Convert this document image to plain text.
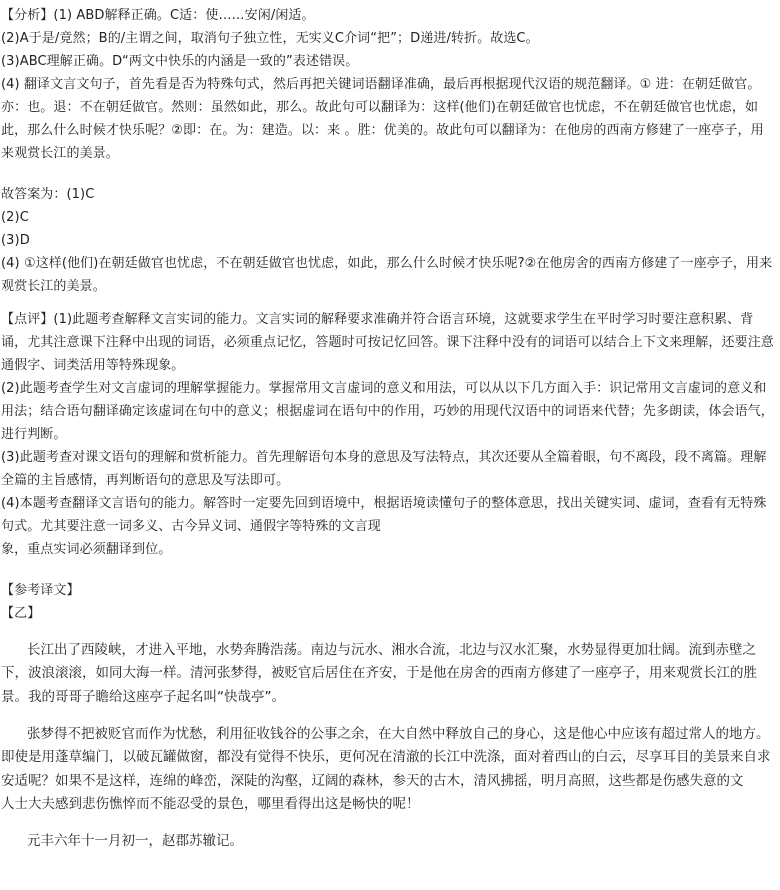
【分析】(1) ABD解释正确。C适：使……安闲/闲适。

(2)A于是/竟然；B的/主谓之间，取消句子独立性，无实义C介词“把”；D递进/转折。故选C。

(3)ABC理解正确。D“两文中快乐的内涵是一致的”表述错误。

(4) 翻译文言文句子，首先看是否为特殊句式，然后再把关键词语翻译准确，最后再根据现代汉语的规范翻译。① 进：在朝廷做官。亦：也。退：不在朝廷做官。然则：虽然如此，那么。故此句可以翻译为：这样(他们)在朝廷做官也忧虑，不在朝廷做官也忧虑，如此，那么什么时候才快乐呢？②即：在。为：建造。以：来 。胜：优美的。故此句可以翻译为：在他房的西南方修建了一座亭子，用来观赏长江的美景。

故答案为：(1)C

(2)C

(3)D

(4) ①这样(他们)在朝廷做官也忧虑，不在朝廷做官也忧虑，如此，那么什么时候才快乐呢?②在他房舍的西南方修建了一座亭子，用来观赏长江的美景。

【点评】(1)此题考查解释文言实词的能力。文言实词的解释要求准确并符合语言环境，这就要求学生在平时学习时要注意积累、背诵，尤其注意课下注释中出现的词语，必须重点记忆，答题时可按记忆回答。课下注释中没有的词语可以结合上下文来理解，还要注意通假字、词类活用等特殊现象。

(2)此题考查学生对文言虚词的理解掌握能力。掌握常用文言虚词的意义和用法，可以从以下几方面入手：识记常用文言虚词的意义和用法；结合语句翻译确定该虚词在句中的意义；根据虚词在语句中的作用，巧妙的用现代汉语中的词语来代替；先多朗读，体会语气，进行判断。

(3)此题考查对课文语句的理解和赏析能力。首先理解语句本身的意思及写法特点，其次还要从全篇着眼，句不离段，段不离篇。理解全篇的主旨感情，再判断语句的意思及写法即可。

(4)本题考查翻译文言语句的能力。解答时一定要先回到语境中，根据语境读懂句子的整体意思，找出关键实词、虚词，查看有无特殊句式。尤其要注意一词多义、古今异义词、通假字等特殊的文言现

象，重点实词必须翻译到位。

【参考译文】

【乙】

长江出了西陵峡，才进入平地，水势奔腾浩荡。南边与沅水、湘水合流，北边与汉水汇聚，水势显得更加壮阔。流到赤壁之下，波浪滚滚，如同大海一样。清河张梦得，被贬官后居住在齐安，于是他在房舍的西南方修建了一座亭子，用来观赏长江的胜景。我的哥哥子瞻给这座亭子起名叫“快哉亭”。

张梦得不把被贬官而作为忧愁，利用征收钱谷的公事之余，在大自然中释放自己的身心，这是他心中应该有超过常人的地方。即使是用蓬草编门，以破瓦罐做窗，都没有觉得不快乐，更何况在清澈的长江中洗涤，面对着西山的白云，尽享耳目的美景来自求安适呢？如果不是这样，连绵的峰峦，深陡的沟壑，辽阔的森林，参天的古木，清风拂摇，明月高照，这些都是伤感失意的文　　人士大夫感到悲伤憔悴而不能忍受的景色，哪里看得出这是畅快的呢！

元丰六年十一月初一，赵郡苏辙记。
